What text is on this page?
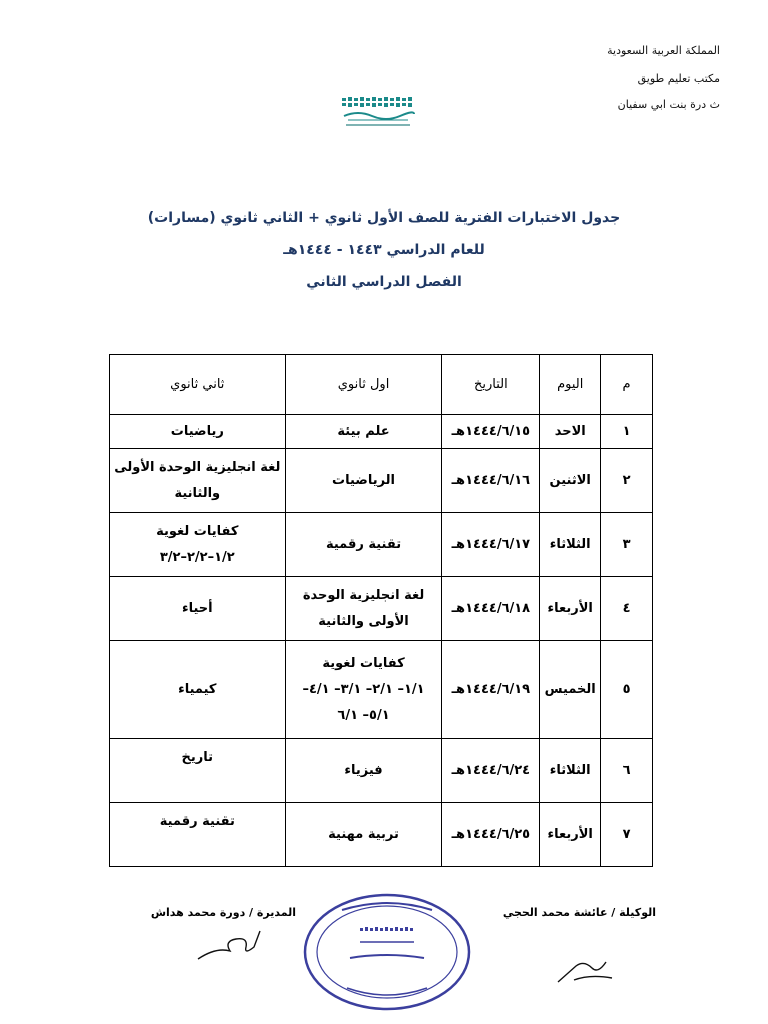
المملكة العربية السعودية
مكتب تعليم طويق
ث درة بنت ابي سفيان
جدول الاختبارات الفترية للصف الأول ثانوي + الثاني ثانوي (مسارات)
للعام الدراسي ١٤٤٣ - ١٤٤٤هـ
الفصل الدراسي الثاني
م	اليوم	التاريخ	اول ثانوي	ثاني ثانوي
١	الاحد	١٤٤٤/٦/١٥هـ	علم بيئة	رياضيات
٢	الاثنين	١٤٤٤/٦/١٦هـ	الرياضيات	لغة انجليزية الوحدة الأولى والثانية
٣	الثلاثاء	١٤٤٤/٦/١٧هـ	تقنية رقمية	كفايات لغوية
١/٢–٢/٢–٣/٢
٤	الأربعاء	١٤٤٤/٦/١٨هـ	لغة انجليزية الوحدة الأولى والثانية	أحياء
٥	الخميس	١٤٤٤/٦/١٩هـ	كفايات لغوية
١/١– ٢/١– ٣/١– ٤/١–
٥/١– ٦/١	كيمياء
٦	الثلاثاء	١٤٤٤/٦/٢٤هـ	فيزياء	تاريخ
٧	الأربعاء	١٤٤٤/٦/٢٥هـ	تربية مهنية	تقنية رقمية
الوكيلة / عائشة محمد الحجي
المديرة / دورة محمد هداش
